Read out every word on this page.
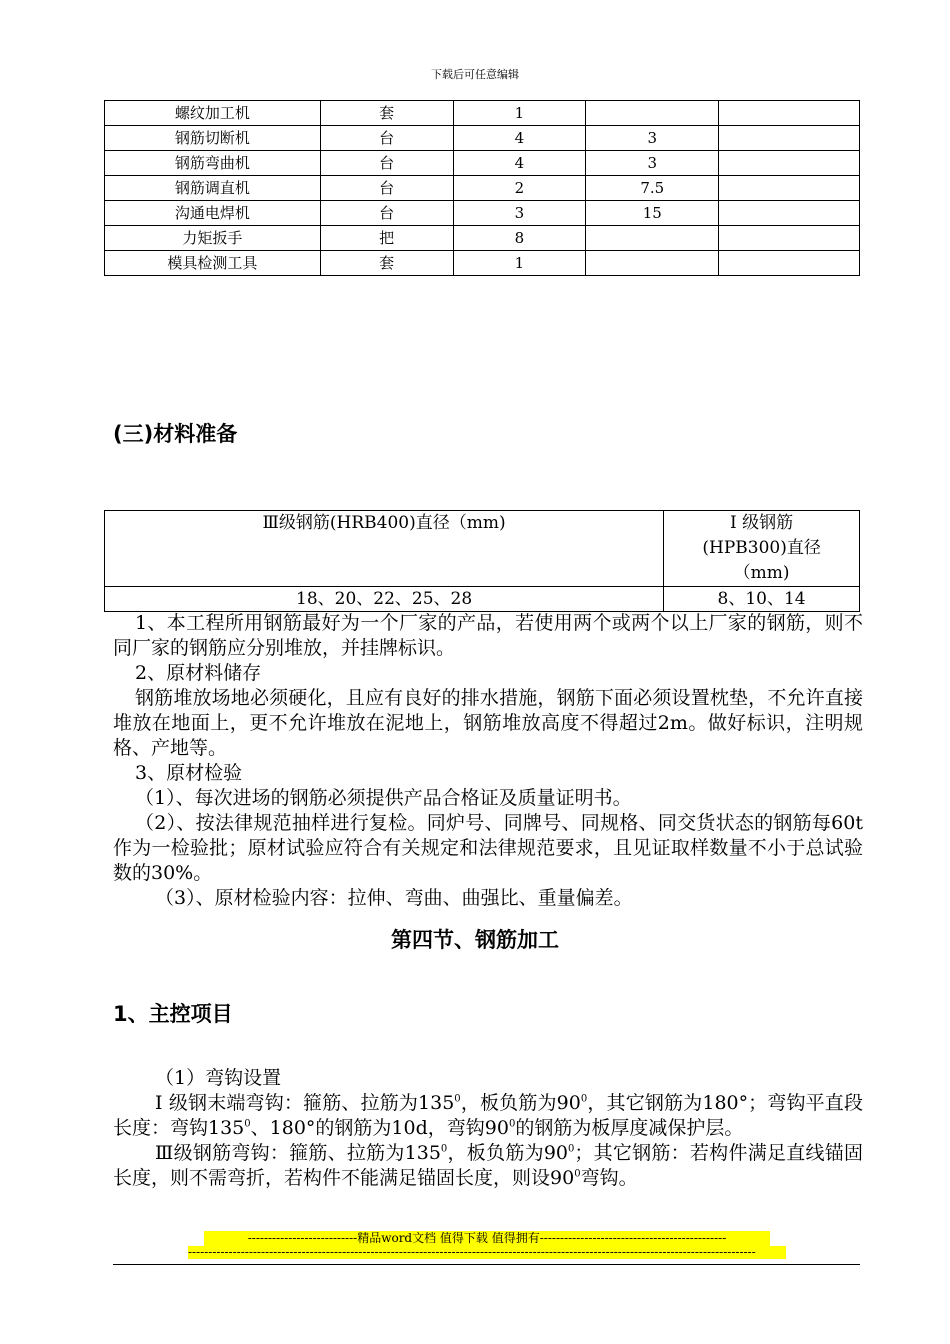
下载后可任意编辑
螺纹加工机	套	1		
钢筋切断机	台	4	3	
钢筋弯曲机	台	4	3	
钢筋调直机	台	2	7.5	
沟通电焊机	台	3	15	
力矩扳手	把	8		
模具检测工具	套	1		
(三)材料准备
Ⅲ级钢筋(HRB400)直径（mm)	Ⅰ 级钢筋
(HPB300)直径
（mm)

18、20、22、25、28	8、10、14

1、本工程所用钢筋最好为一个厂家的产品，若使用两个或两个以上厂家的钢筋，则不同厂家的钢筋应分别堆放，并挂牌标识。

2、原材料储存

钢筋堆放场地必须硬化，且应有良好的排水措施，钢筋下面必须设置枕垫，不允许直接堆放在地面上，更不允许堆放在泥地上，钢筋堆放高度不得超过2m。做好标识，注明规格、产地等。

3、原材检验

（1）、每次进场的钢筋必须提供产品合格证及质量证明书。

（2）、按法律规范抽样进行复检。同炉号、同牌号、同规格、同交货状态的钢筋每60t作为一检验批；原材试验应符合有关规定和法律规范要求，且见证取样数量不小于总试验数的30%。

（3）、原材检验内容：拉伸、弯曲、曲强比、重量偏差。

第四节、钢筋加工
1、主控项目

（1）弯钩设置

Ⅰ 级钢末端弯钩：箍筋、拉筋为$135^0$，板负筋为$90^0$，其它钢筋为180°；弯钩平直段长度：弯钩$135^0$、180°的钢筋为10d，弯钩$90^0$的钢筋为板厚度减保护层。

Ⅲ级钢筋弯钩：箍筋、拉筋为$135^0$，板负筋为$90^0$；其它钢筋：若构件满足直线锚固长度，则不需弯折，若构件不能满足锚固长度，则设$90^0$弯钩。

---------------------------精品word文档 值得下载 值得拥有----------------------------------------------
--------------------------------------------------------------------------------------------------------------------------------------------
